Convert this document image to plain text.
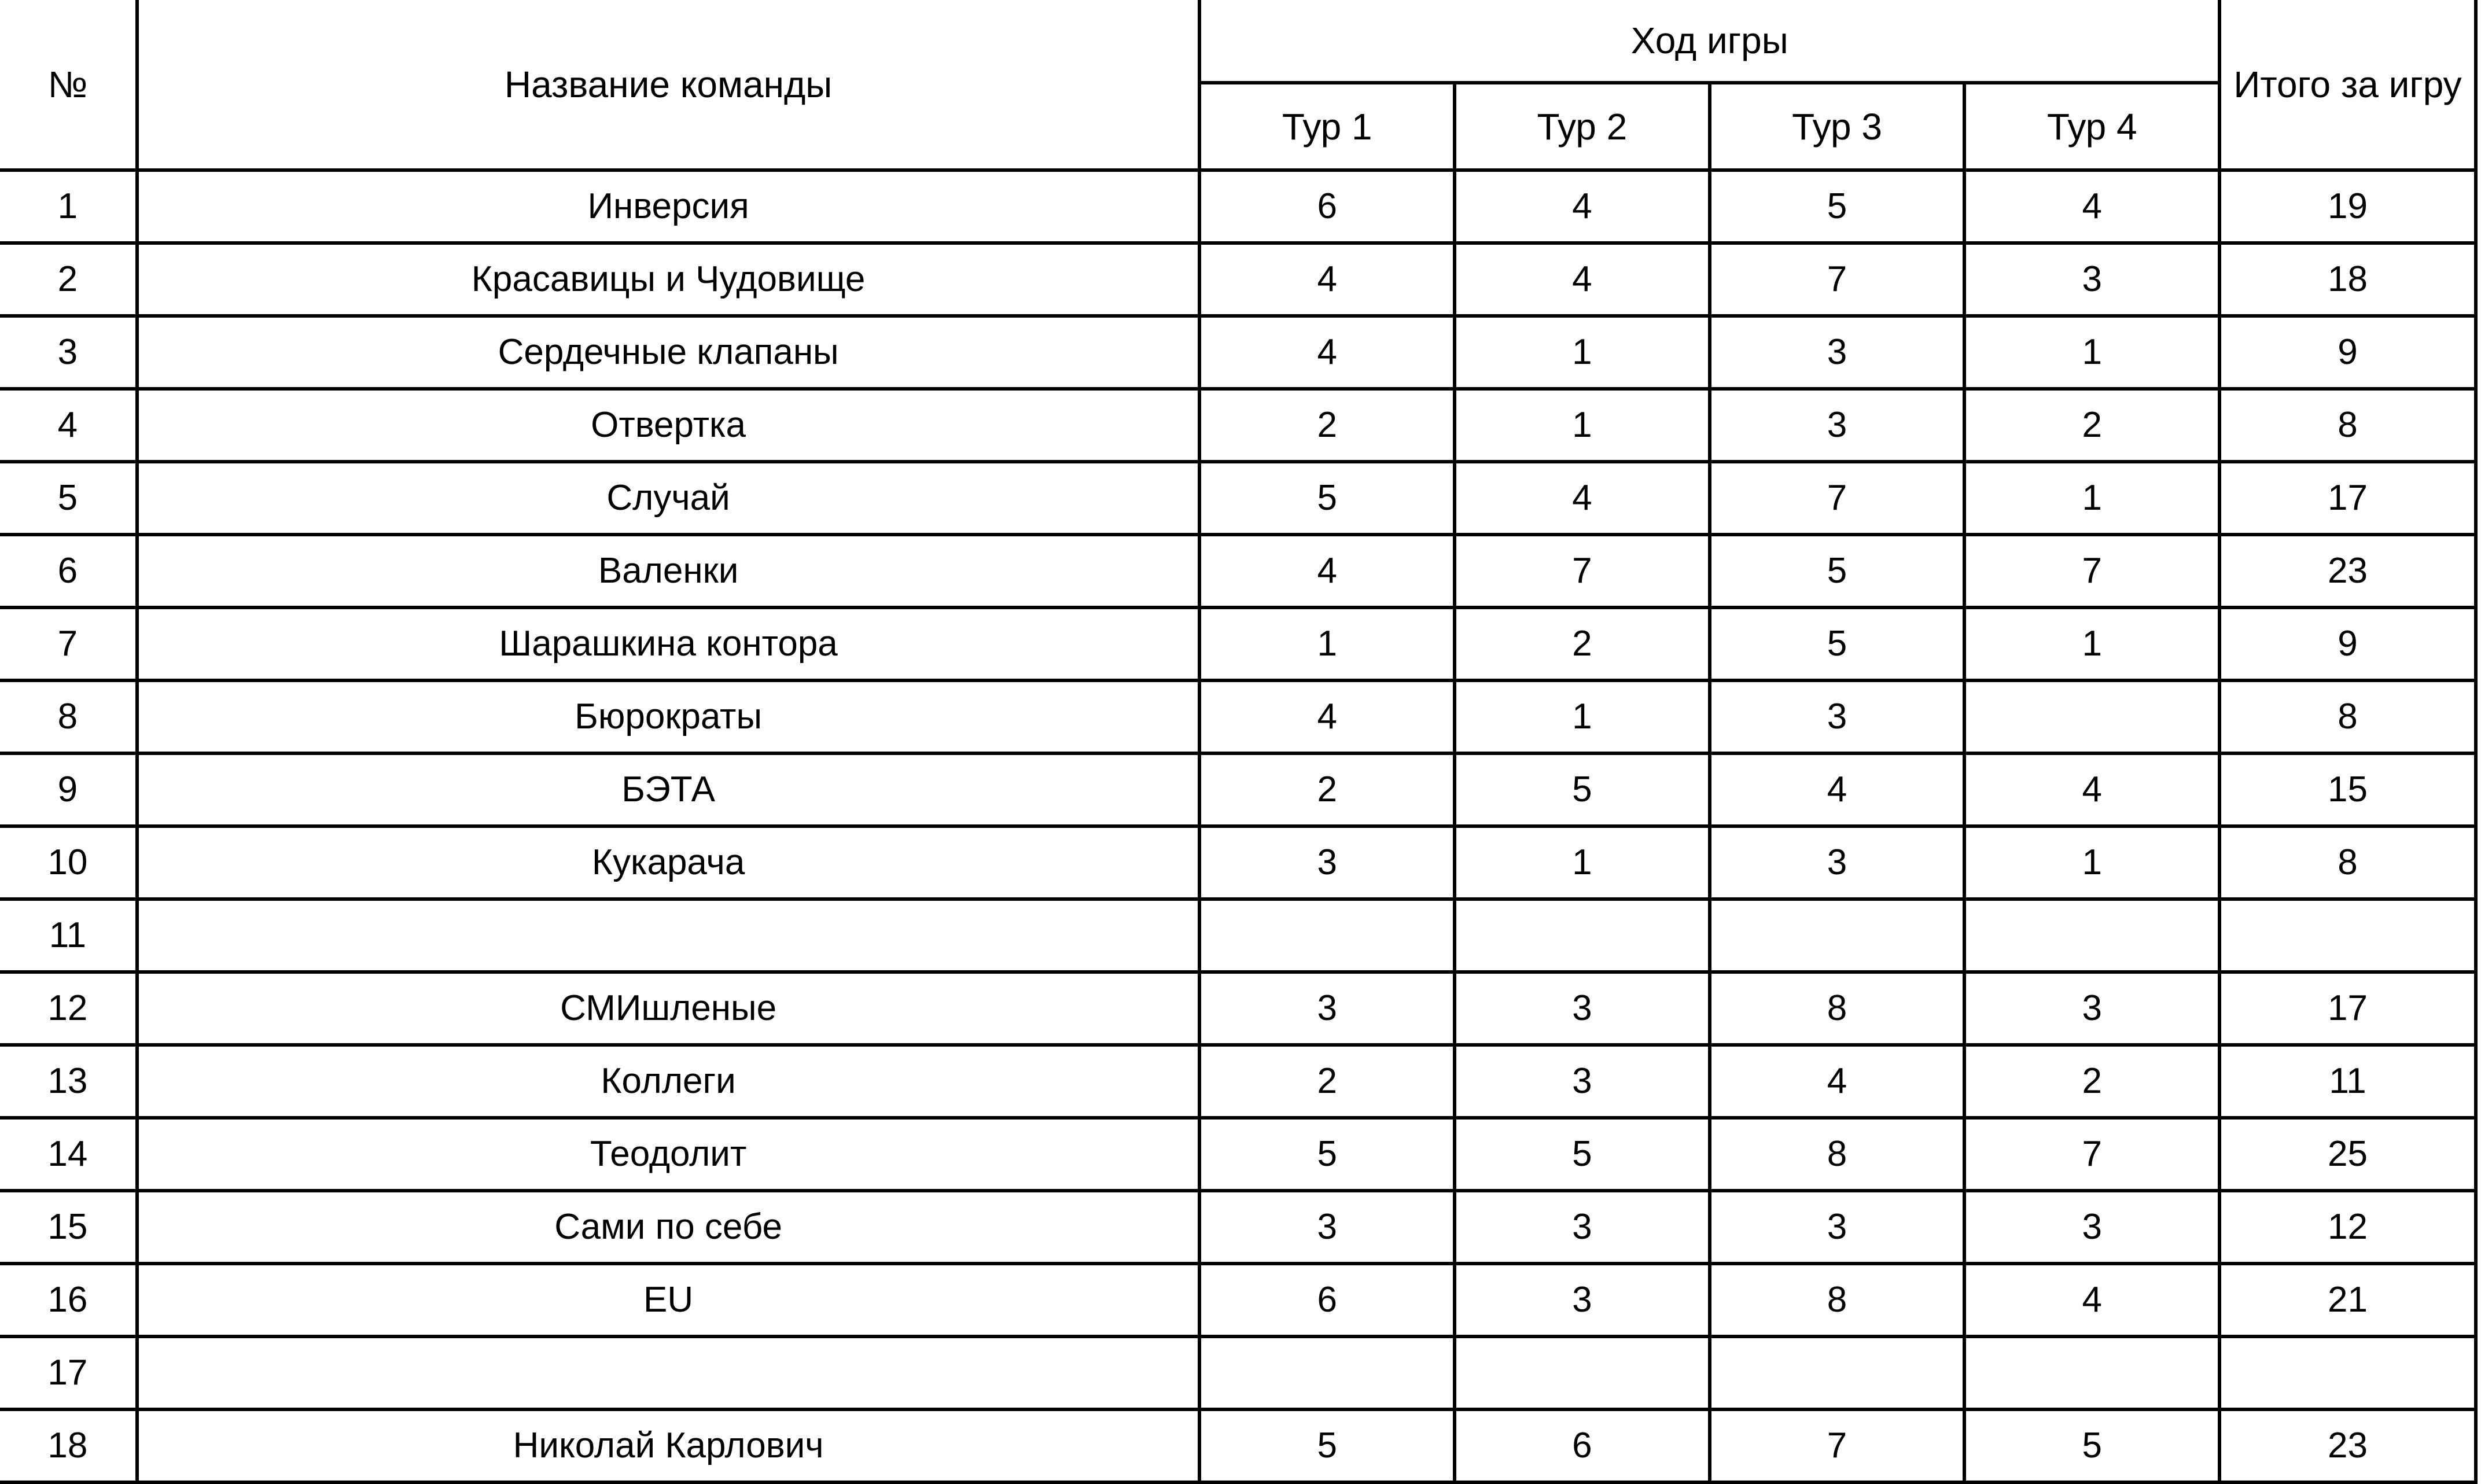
№	Название команды	Ход игры				Итого за игру
		Тур 1	Тур 2	Тур 3	Тур 4	
1	Инверсия	6	4	5	4	19
2	Красавицы и Чудовище	4	4	7	3	18
3	Сердечные клапаны	4	1	3	1	9
4	Отвертка	2	1	3	2	8
5	Случай	5	4	7	1	17
6	Валенки	4	7	5	7	23
7	Шарашкина контора	1	2	5	1	9
8	Бюрократы	4	1	3		8
9	БЭТА	2	5	4	4	15
10	Кукарача	3	1	3	1	8
11						
12	СМИшленые	3	3	8	3	17
13	Коллеги	2	3	4	2	11
14	Теодолит	5	5	8	7	25
15	Сами по себе	3	3	3	3	12
16	EU	6	3	8	4	21
17						
18	Николай Карлович	5	6	7	5	23
